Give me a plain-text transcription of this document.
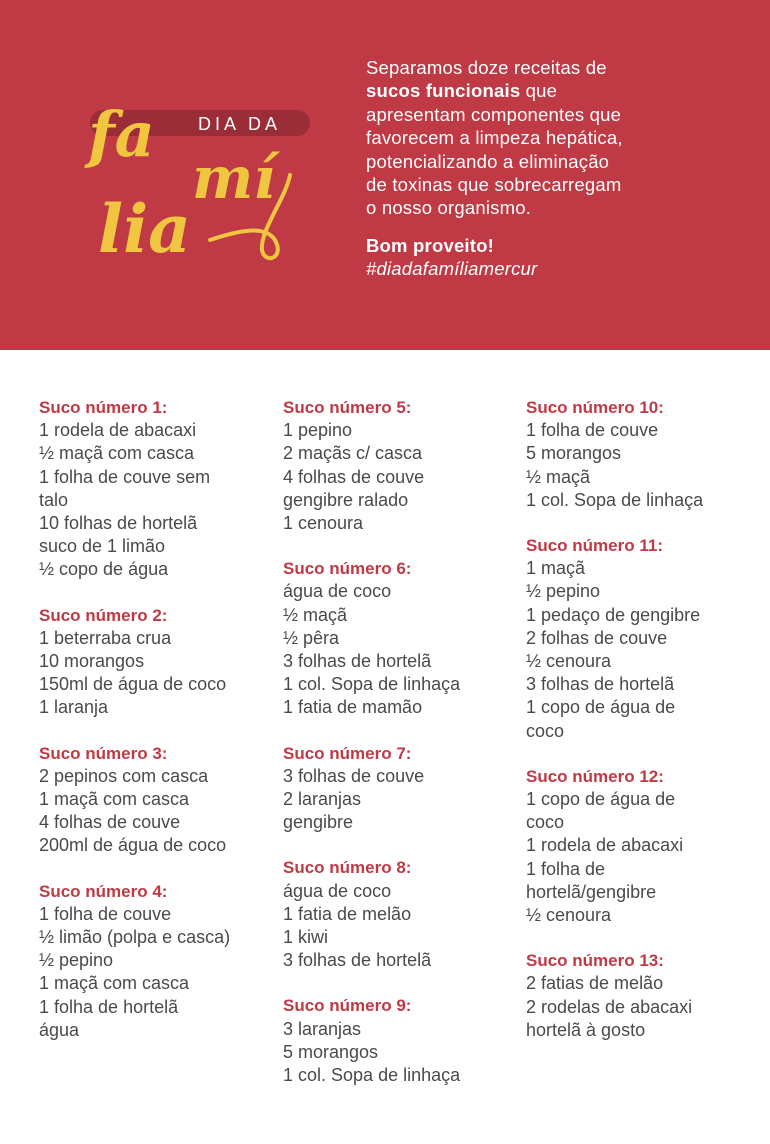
DIA DA
fa
mí
lia

Separamos doze receitas de

sucos funcionais que

apresentam componentes que

favorecem a limpeza hepática,

potencializando a eliminação

de toxinas que sobrecarregam

o nosso organismo.

Bom proveito!

#diadafamíliamercur

Suco número 1:
1 rodela de abacaxi
½ maçã com casca
1 folha de couve sem
talo
10 folhas de hortelã
suco de 1 limão
½ copo de água
Suco número 2:
1 beterraba crua
10 morangos
150ml de água de coco
1 laranja
Suco número 3:
2 pepinos com casca
1 maçã com casca
4 folhas de couve
200ml de água de coco
Suco número 4:
1 folha de couve
½ limão (polpa e casca)
½ pepino
1 maçã com casca
1 folha de hortelã
água
Suco número 5:
1 pepino
2 maçãs c/ casca
4 folhas de couve
gengibre ralado
1 cenoura
Suco número 6:
água de coco
½ maçã
½ pêra
3 folhas de hortelã
1 col. Sopa de linhaça
1 fatia de mamão
Suco número 7:
3 folhas de couve
2 laranjas
gengibre
Suco número 8:
água de coco
1 fatia de melão
1 kiwi
3 folhas de hortelã
Suco número 9:
3 laranjas
5 morangos
1 col. Sopa de linhaça
Suco número 10:
1 folha de couve
5 morangos
½ maçã
1 col. Sopa de linhaça
Suco número 11:
1 maçã
½ pepino
1 pedaço de gengibre
2 folhas de couve
½ cenoura
3 folhas de hortelã
1 copo de água de
coco
Suco número 12:
1 copo de água de
coco
1 rodela de abacaxi
1 folha de
hortelã/gengibre
½ cenoura
Suco número 13:
2 fatias de melão
2 rodelas de abacaxi
hortelã à gosto
